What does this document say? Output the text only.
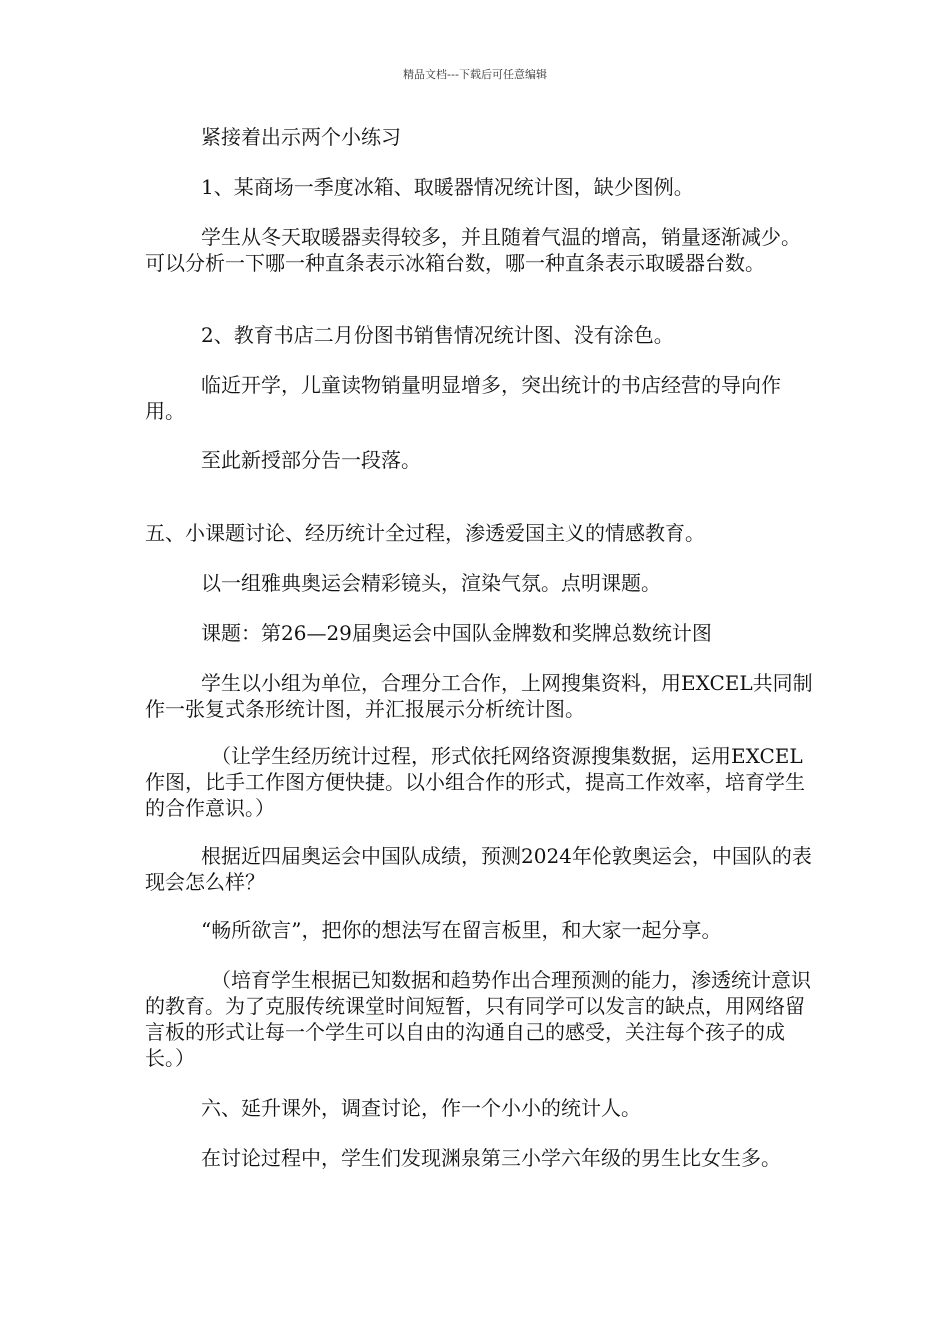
精品文档---下载后可任意编辑

紧接着出示两个小练习

1、某商场一季度冰箱、取暖器情况统计图，缺少图例。

学生从冬天取暖器卖得较多，并且随着气温的增高，销量逐渐减少。可以分析一下哪一种直条表示冰箱台数，哪一种直条表示取暖器台数。

2、教育书店二月份图书销售情况统计图、没有涂色。

临近开学，儿童读物销量明显增多，突出统计的书店经营的导向作用。

至此新授部分告一段落。

五、小课题讨论、经历统计全过程，渗透爱国主义的情感教育。

以一组雅典奥运会精彩镜头，渲染气氛。点明课题。

课题：第26—29届奥运会中国队金牌数和奖牌总数统计图

学生以小组为单位，合理分工合作，上网搜集资料，用EXCEL共同制作一张复式条形统计图，并汇报展示分析统计图。

（让学生经历统计过程，形式依托网络资源搜集数据，运用EXCEL作图，比手工作图方便快捷。以小组合作的形式，提高工作效率，培育学生的合作意识。）

根据近四届奥运会中国队成绩，预测2024年伦敦奥运会，中国队的表现会怎么样？

“畅所欲言”，把你的想法写在留言板里，和大家一起分享。

（培育学生根据已知数据和趋势作出合理预测的能力，渗透统计意识的教育。为了克服传统课堂时间短暂，只有同学可以发言的缺点，用网络留言板的形式让每一个学生可以自由的沟通自己的感受，关注每个孩子的成长。）

六、延升课外，调查讨论，作一个小小的统计人。

在讨论过程中，学生们发现渊泉第三小学六年级的男生比女生多。
